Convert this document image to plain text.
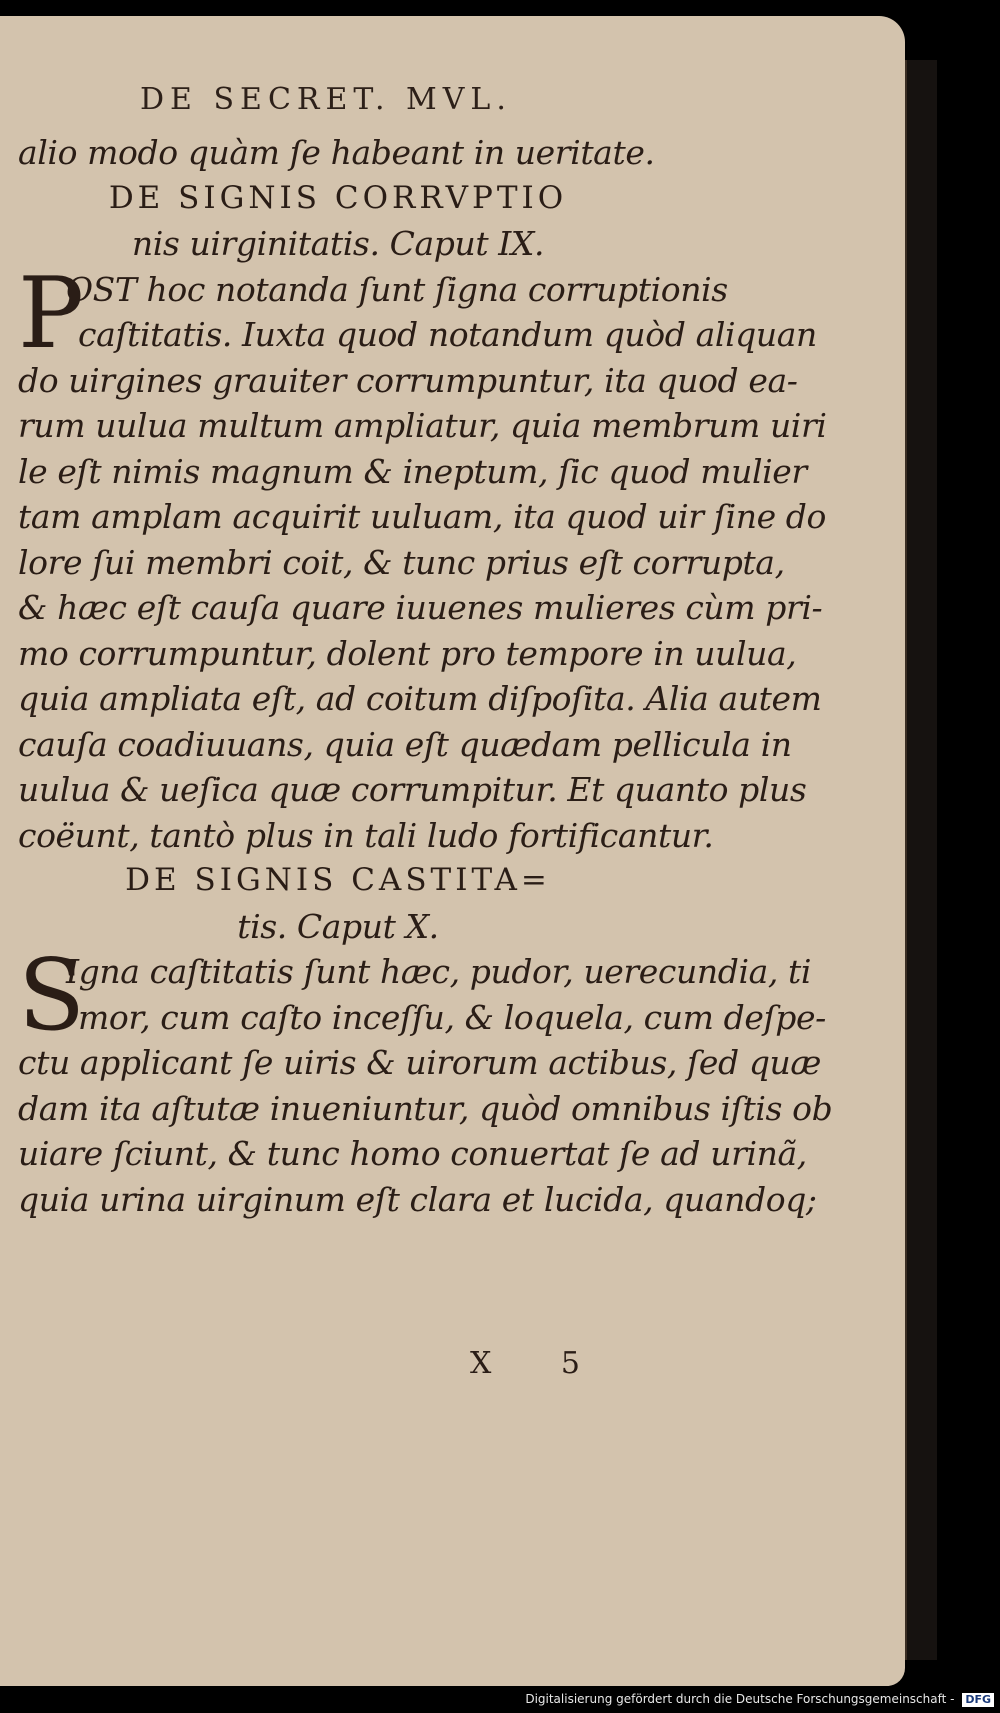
DE SECRET. MVL.
alio modo quàm ſe habeant in ueritate.
DE SIGNIS CORRVPTIO
nis uirginitatis. Caput IX.
P
OST hoc notanda ſunt ſigna corruptionis
caſtitatis. Iuxta quod notandum quòd aliquan
do uirgines grauiter corrumpuntur, ita quod ea-
rum uulua multum ampliatur, quia membrum uiri
le eſt nimis magnum & ineptum, ſic quod mulier
tam amplam acquirit uuluam, ita quod uir ſine do
lore ſui membri coit, & tunc prius eſt corrupta,
& hæc eſt cauſa quare iuuenes mulieres cùm pri-
mo corrumpuntur, dolent pro tempore in uulua,
quia ampliata eſt, ad coitum diſpoſita. Alia autem
cauſa coadiuuans, quia eſt quædam pellicula in
uulua & ueſica quæ corrumpitur. Et quanto plus
coëunt, tantò plus in tali ludo fortificantur.
DE SIGNIS CASTITA=
tis. Caput X.
S
Igna caſtitatis ſunt hæc, pudor, uerecundia, ti
mor, cum caſto inceſſu, & loquela, cum deſpe-
ctu applicant ſe uiris & uirorum actibus, ſed quæ
dam ita aſtutæ inueniuntur, quòd omnibus iſtis ob
uiare ſciunt, & tunc homo conuertat ſe ad urinã,
quia urina uirginum eſt clara et lucida, quandoq;
X 5
Digitalisierung gefördert durch die Deutsche Forschungsgemeinschaft - DFG
